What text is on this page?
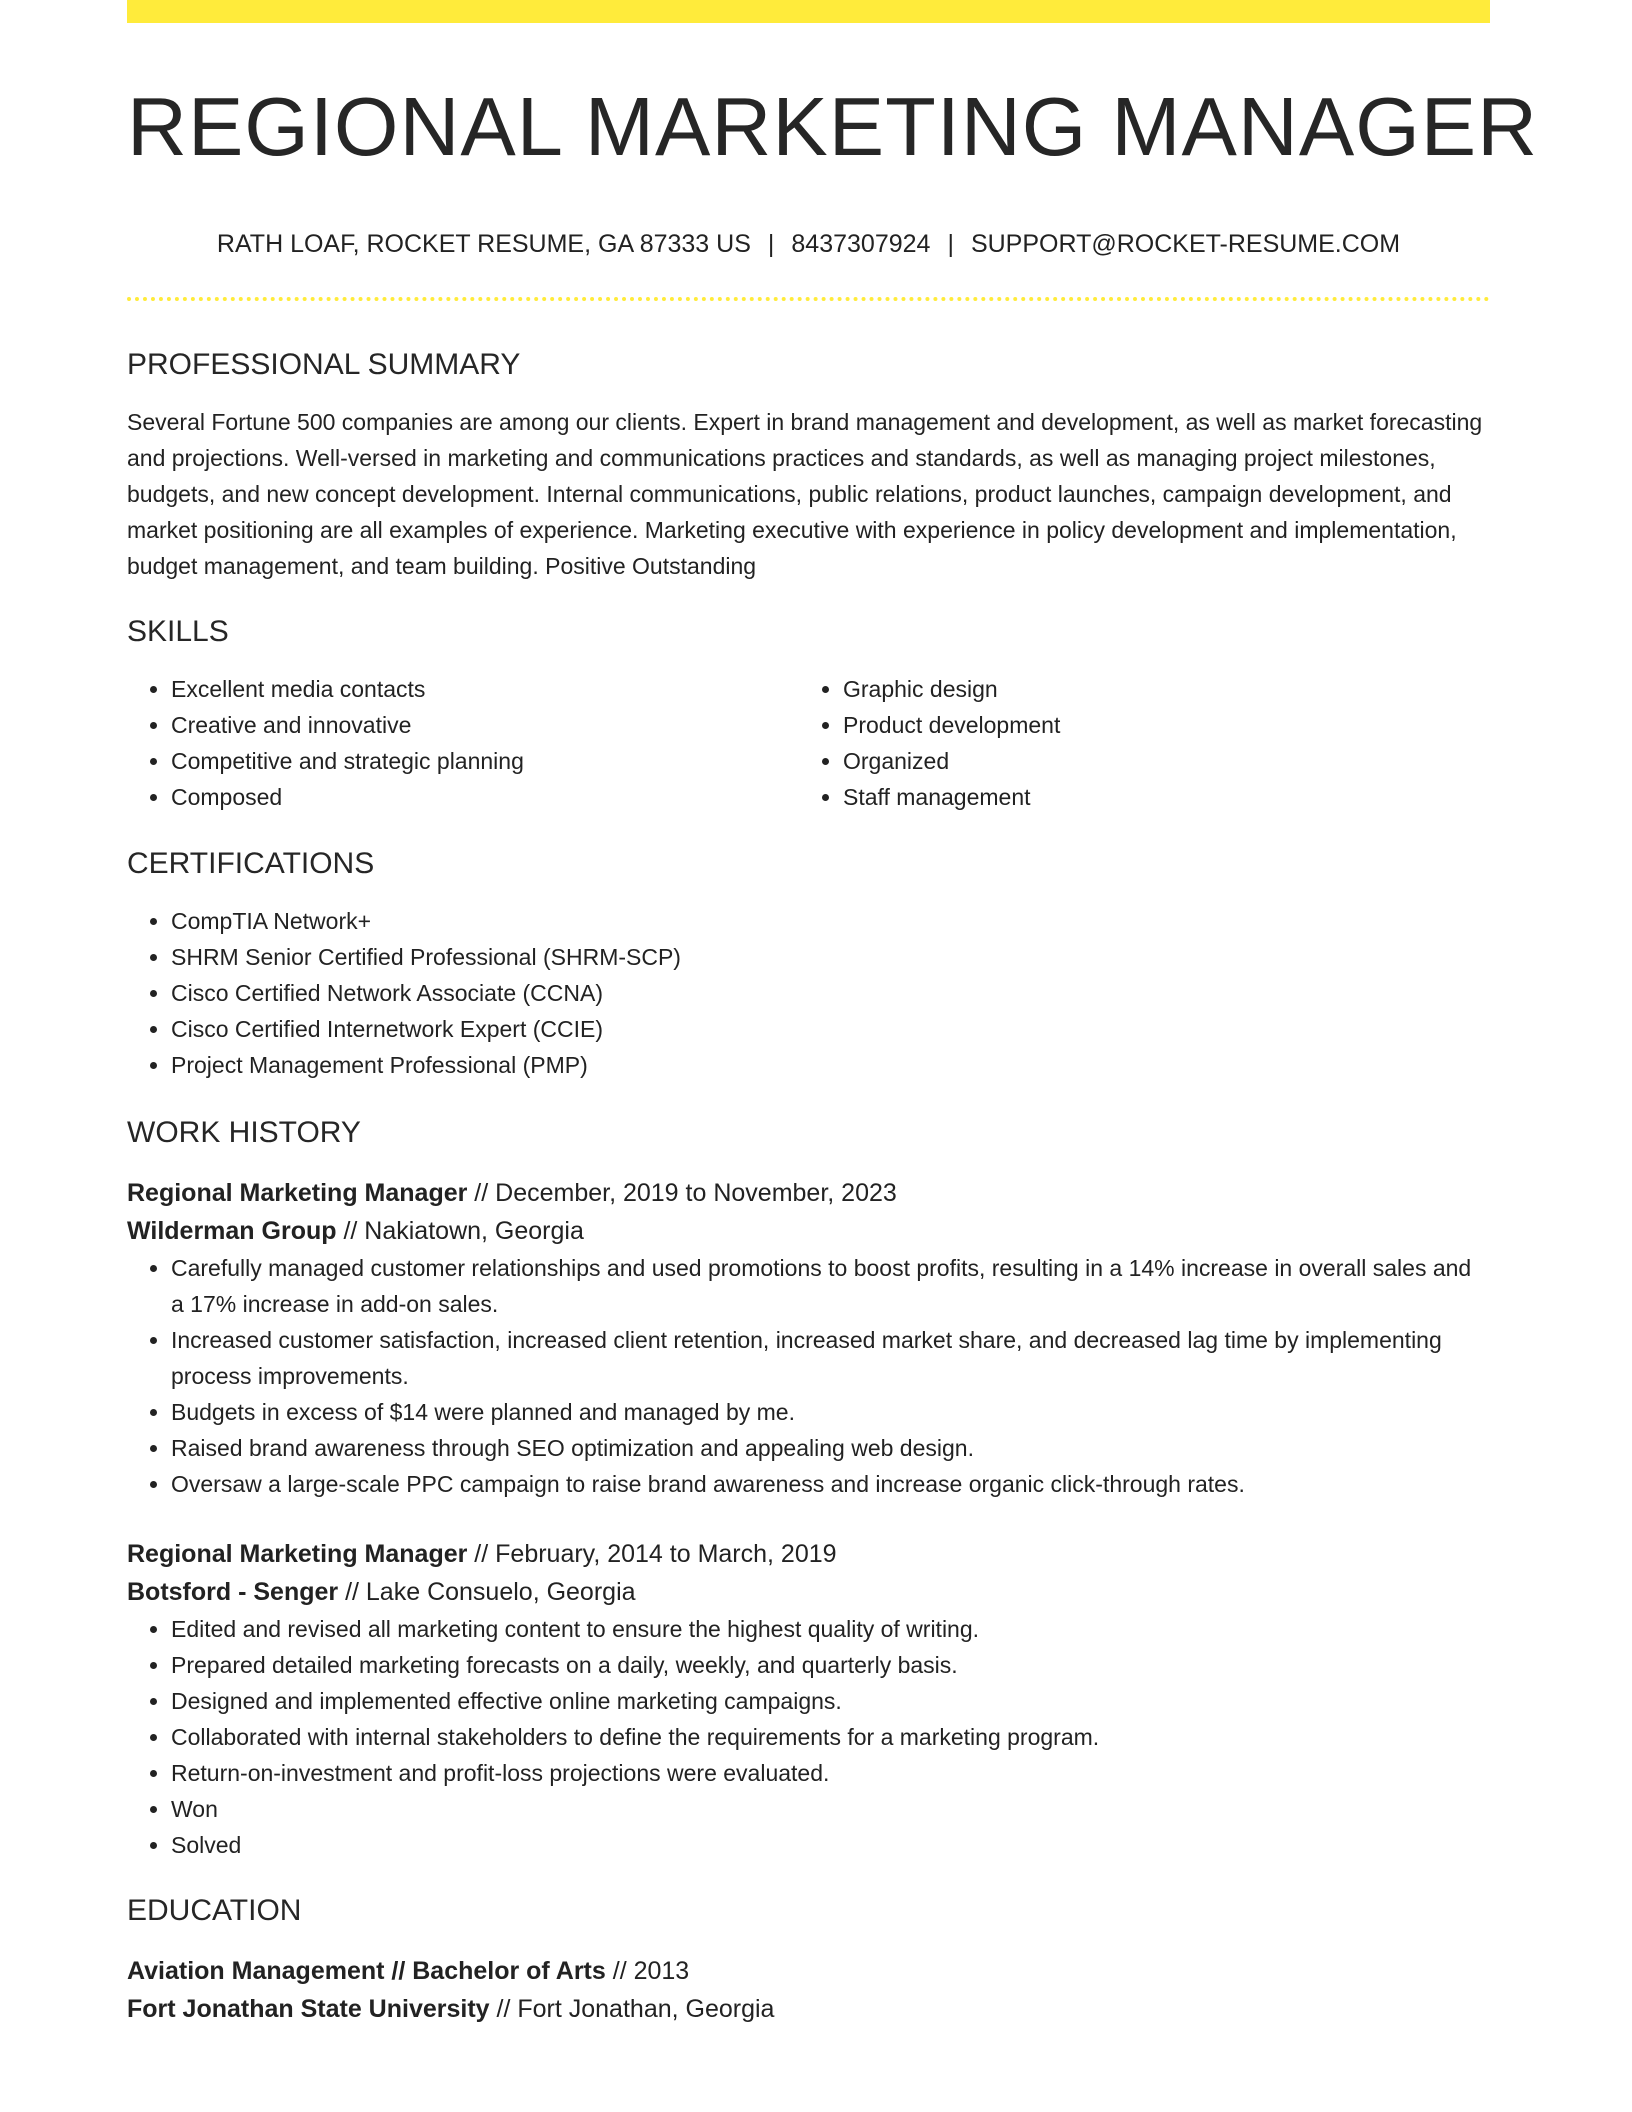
REGIONAL MARKETING MANAGER
RATH LOAF, ROCKET RESUME, GA 87333 US | 8437307924 | SUPPORT@ROCKET-RESUME.COM
PROFESSIONAL SUMMARY

Several Fortune 500 companies are among our clients. Expert in brand management and development, as well as market forecasting and projections. Well-versed in marketing and communications practices and standards, as well as managing project milestones, budgets, and new concept development. Internal communications, public relations, product launches, campaign development, and market positioning are all examples of experience. Marketing executive with experience in policy development and implementation, budget management, and team building. Positive Outstanding

SKILLS
• Excellent media contacts
• Creative and innovative
• Competitive and strategic planning
• Composed
• Graphic design
• Product development
• Organized
• Staff management
CERTIFICATIONS
• CompTIA Network+
• SHRM Senior Certified Professional (SHRM-SCP)
• Cisco Certified Network Associate (CCNA)
• Cisco Certified Internetwork Expert (CCIE)
• Project Management Professional (PMP)
WORK HISTORY
Regional Marketing Manager // December, 2019 to November, 2023
Wilderman Group // Nakiatown, Georgia
• Carefully managed customer relationships and used promotions to boost profits, resulting in a 14% increase in overall sales and a 17% increase in add-on sales.
• Increased customer satisfaction, increased client retention, increased market share, and decreased lag time by implementing process improvements.
• Budgets in excess of $14 were planned and managed by me.
• Raised brand awareness through SEO optimization and appealing web design.
• Oversaw a large-scale PPC campaign to raise brand awareness and increase organic click-through rates.
Regional Marketing Manager // February, 2014 to March, 2019
Botsford - Senger // Lake Consuelo, Georgia
• Edited and revised all marketing content to ensure the highest quality of writing.
• Prepared detailed marketing forecasts on a daily, weekly, and quarterly basis.
• Designed and implemented effective online marketing campaigns.
• Collaborated with internal stakeholders to define the requirements for a marketing program.
• Return-on-investment and profit-loss projections were evaluated.
• Won
• Solved
EDUCATION
Aviation Management // Bachelor of Arts // 2013
Fort Jonathan State University // Fort Jonathan, Georgia
